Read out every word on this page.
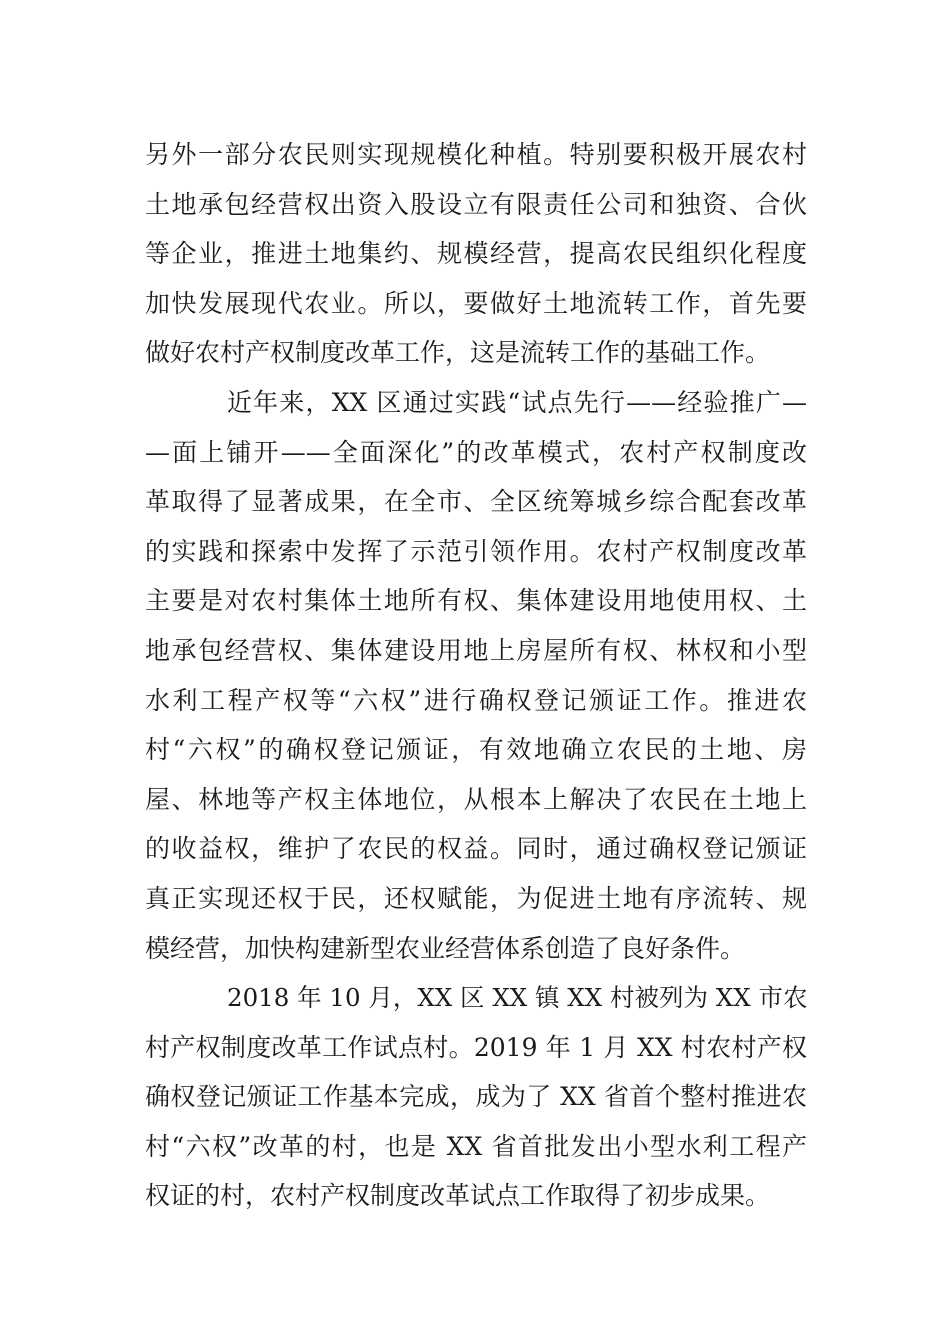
另外一部分农民则实现规模化种植。特别要积极开展农村
土地承包经营权出资入股设立有限责任公司和独资、合伙
等企业，推进土地集约、规模经营，提高农民组织化程度
加快发展现代农业。所以，要做好土地流转工作，首先要
做好农村产权制度改革工作，这是流转工作的基础工作。
近年来，XX 区通过实践“试点先行——经验推广—
—面上铺开——全面深化”的改革模式，农村产权制度改
革取得了显著成果，在全市、全区统筹城乡综合配套改革
的实践和探索中发挥了示范引领作用。农村产权制度改革
主要是对农村集体土地所有权、集体建设用地使用权、土
地承包经营权、集体建设用地上房屋所有权、林权和小型
水利工程产权等“六权”进行确权登记颁证工作。推进农
村“六权”的确权登记颁证，有效地确立农民的土地、房
屋、林地等产权主体地位，从根本上解决了农民在土地上
的收益权，维护了农民的权益。同时，通过确权登记颁证
真正实现还权于民，还权赋能，为促进土地有序流转、规
模经营，加快构建新型农业经营体系创造了良好条件。
2018 年 10 月，XX 区 XX 镇 XX 村被列为 XX 市农
村产权制度改革工作试点村。2019 年 1 月 XX 村农村产权
确权登记颁证工作基本完成，成为了 XX 省首个整村推进农
村“六权”改革的村，也是 XX 省首批发出小型水利工程产
权证的村，农村产权制度改革试点工作取得了初步成果。
